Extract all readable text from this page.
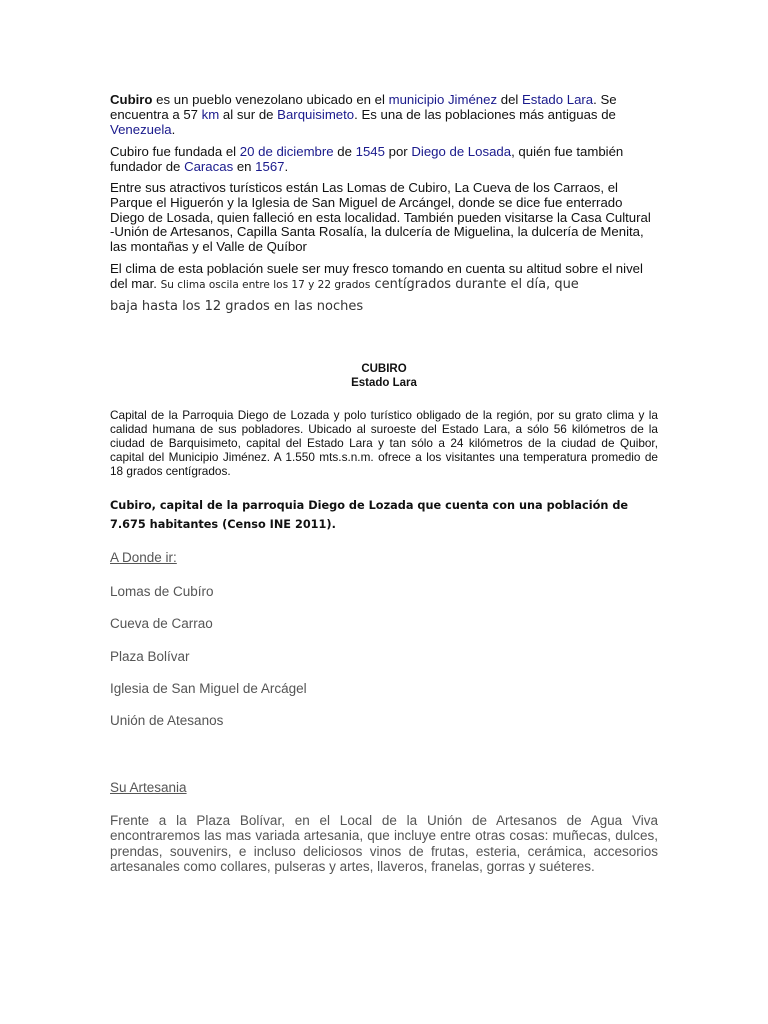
Cubiro es un pueblo venezolano ubicado en el municipio Jiménez del Estado Lara. Se encuentra a 57 km al sur de Barquisimeto. Es una de las poblaciones más antiguas de Venezuela.

Cubiro fue fundada el 20 de diciembre de 1545 por Diego de Losada, quién fue también fundador de Caracas en 1567.

Entre sus atractivos turísticos están Las Lomas de Cubiro, La Cueva de los Carraos, el Parque el Higuerón y la Iglesia de San Miguel de Arcángel, donde se dice fue enterrado Diego de Losada, quien falleció en esta localidad. También pueden visitarse la Casa Cultural -Unión de Artesanos, Capilla Santa Rosalía, la dulcería de Miguelina, la dulcería de Menita, las montañas y el Valle de Quíbor

El clima de esta población suele ser muy fresco tomando en cuenta su altitud sobre el nivel del mar. Su clima oscila entre los 17 y 22 grados centígrados durante el día, que

baja hasta los 12 grados en las noches

CUBIRO
Estado Lara

Capital de la Parroquia Diego de Lozada y polo turístico obligado de la región, por su grato clima y la calidad humana de sus pobladores. Ubicado al suroeste del Estado Lara, a sólo 56 kilómetros de la ciudad de Barquisimeto, capital del Estado Lara y tan sólo a 24 kilómetros de la ciudad de Quibor, capital del Municipio Jiménez. A 1.550 mts.s.n.m. ofrece a los visitantes una temperatura promedio de 18 grados centígrados.

Cubiro, capital de la parroquia Diego de Lozada que cuenta con una población de 7.675 habitantes (Censo INE 2011).

A Donde ir:
Lomas de Cubíro
Cueva de Carrao
Plaza Bolívar
Iglesia de San Miguel de Arcágel
Unión de Atesanos
Su Artesania

Frente a la Plaza Bolívar, en el Local de la Unión de Artesanos de Agua Viva encontraremos las mas variada artesania, que incluye entre otras cosas: muñecas, dulces, prendas, souvenirs, e incluso deliciosos vinos de frutas, esteria, cerámica, accesorios artesanales como collares, pulseras y artes, llaveros, franelas, gorras y suéteres.
